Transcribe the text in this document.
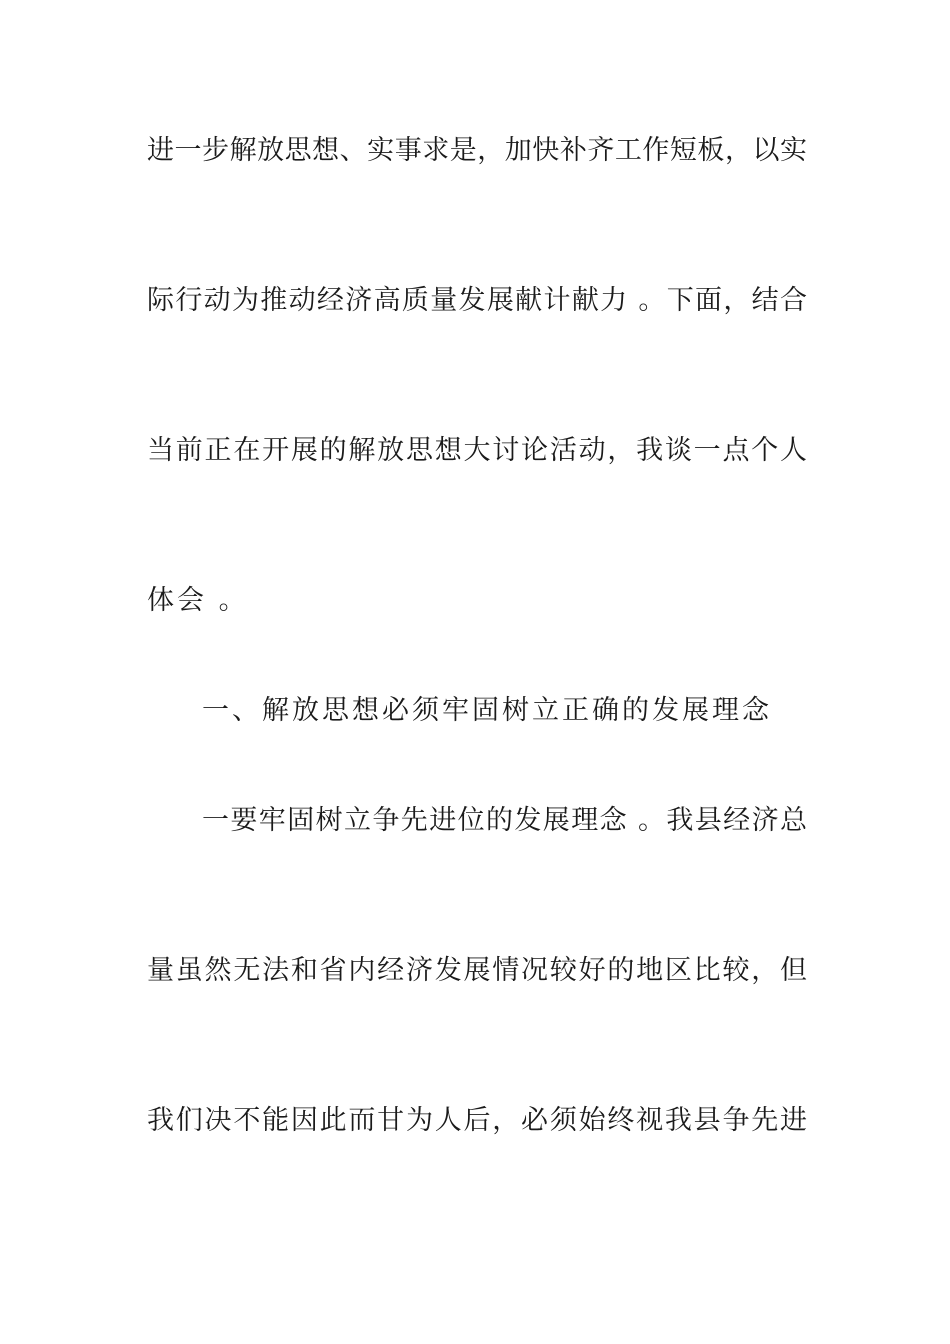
进一步解放思想、实事求是，加快补齐工作短板，以实
际行动为推动经济高质量发展献计献力 。下面，结合
当前正在开展的解放思想大讨论活动，我谈一点个人
体会 。
一、解放思想必须牢固树立正确的发展理念
一要牢固树立争先进位的发展理念 。我县经济总
量虽然无法和省内经济发展情况较好的地区比较，但
我们决不能因此而甘为人后，必须始终视我县争先进
